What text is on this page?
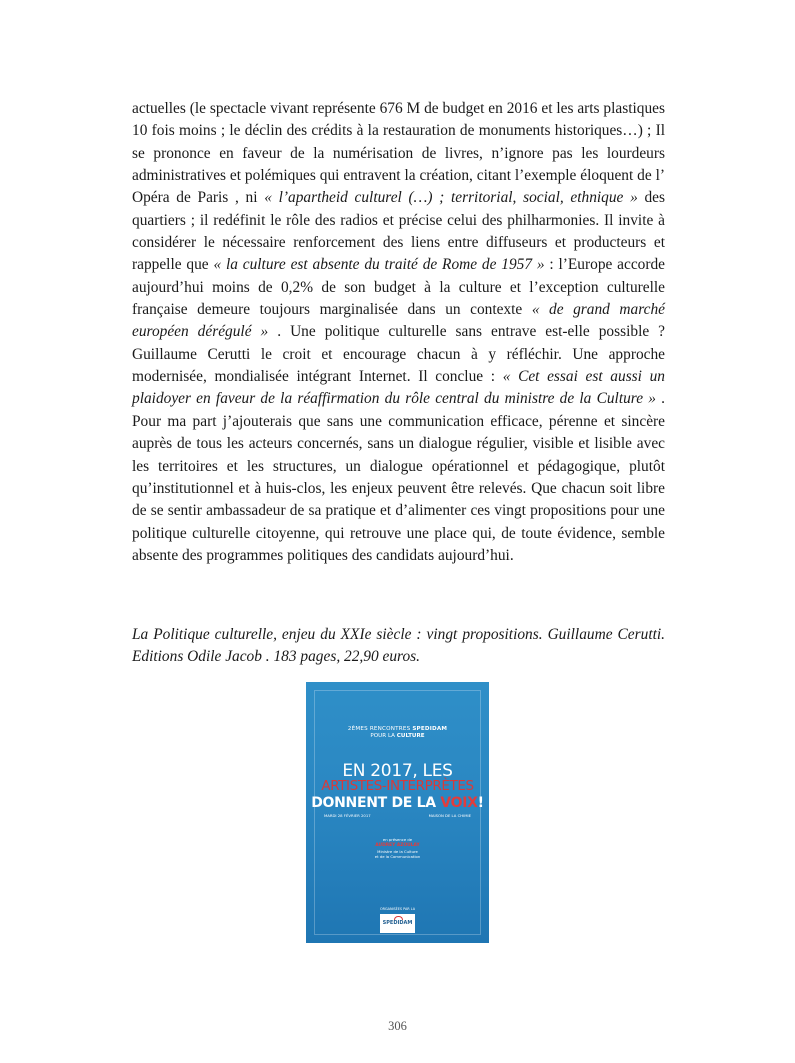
actuelles (le spectacle vivant représente 676 M de budget en 2016 et les arts plastiques 10 fois moins ; le déclin des crédits à la restauration de monuments historiques…) ; Il se prononce en faveur de la numérisation de livres, n’ignore pas les lourdeurs administratives et polémiques qui entravent la création, citant l’exemple éloquent de l’ Opéra de Paris , ni « l’apartheid culturel (…) ; territorial, social, ethnique » des quartiers ; il redéfinit le rôle des radios et précise celui des philharmonies. Il invite à considérer le nécessaire renforcement des liens entre diffuseurs et producteurs et rappelle que « la culture est absente du traité de Rome de 1957 » : l’Europe accorde aujourd’hui moins de 0,2% de son budget à la culture et l’exception culturelle française demeure toujours marginalisée dans un contexte « de grand marché européen dérégulé » . Une politique culturelle sans entrave est-elle possible ? Guillaume Cerutti le croit et encourage chacun à y réfléchir. Une approche modernisée, mondialisée intégrant Internet. Il conclue : « Cet essai est aussi un plaidoyer en faveur de la réaffirmation du rôle central du ministre de la Culture » . Pour ma part j’ajouterais que sans une communication efficace, pérenne et sincère auprès de tous les acteurs concernés, sans un dialogue régulier, visible et lisible avec les territoires et les structures, un dialogue opérationnel et pédagogique, plutôt qu’institutionnel et à huis-clos, les enjeux peuvent être relevés. Que chacun soit libre de se sentir ambassadeur de sa pratique et d’alimenter ces vingt propositions pour une politique culturelle citoyenne, qui retrouve une place qui, de toute évidence, semble absente des programmes politiques des candidats aujourd’hui.
La Politique culturelle, enjeu du XXIe siècle : vingt propositions. Guillaume Cerutti. Editions Odile Jacob . 183 pages, 22,90 euros.
2ÈMES RENCONTRES SPEDIDAM
POUR LA CULTURE
EN 2017, LES
ARTISTES-INTERPRÈTES
DONNENT DE LA VOIX!
MARDI 28 FÉVRIER 2017	MAISON DE LA CHIMIE
en présence de
AUDREY AZOULAY
Ministre de la Culture
et de la Communication
ORGANISÉES PAR LA
SPEDIDAM
306
